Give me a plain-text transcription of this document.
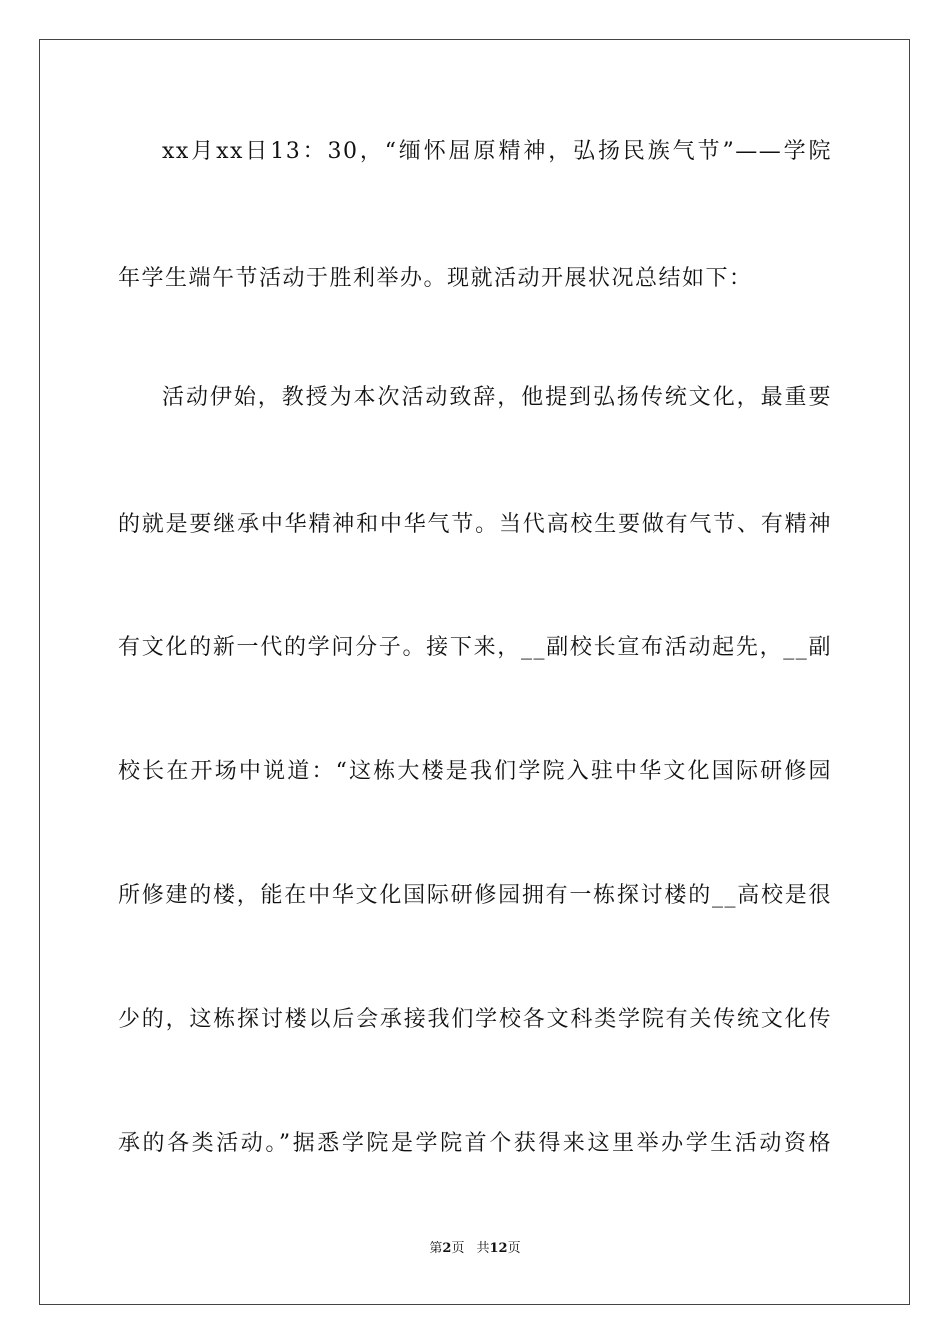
xx月xx日13：30，“缅怀屈原精神，弘扬民族气节”——学院
年学生端午节活动于胜利举办。现就活动开展状况总结如下：
活动伊始，教授为本次活动致辞，他提到弘扬传统文化，最重要
的就是要继承中华精神和中华气节。当代高校生要做有气节、有精神
有文化的新一代的学问分子。接下来，__副校长宣布活动起先，__副
校长在开场中说道：“这栋大楼是我们学院入驻中华文化国际研修园
所修建的楼，能在中华文化国际研修园拥有一栋探讨楼的__高校是很
少的，这栋探讨楼以后会承接我们学校各文科类学院有关传统文化传
承的各类活动。”据悉学院是学院首个获得来这里举办学生活动资格
第2页 共12页
